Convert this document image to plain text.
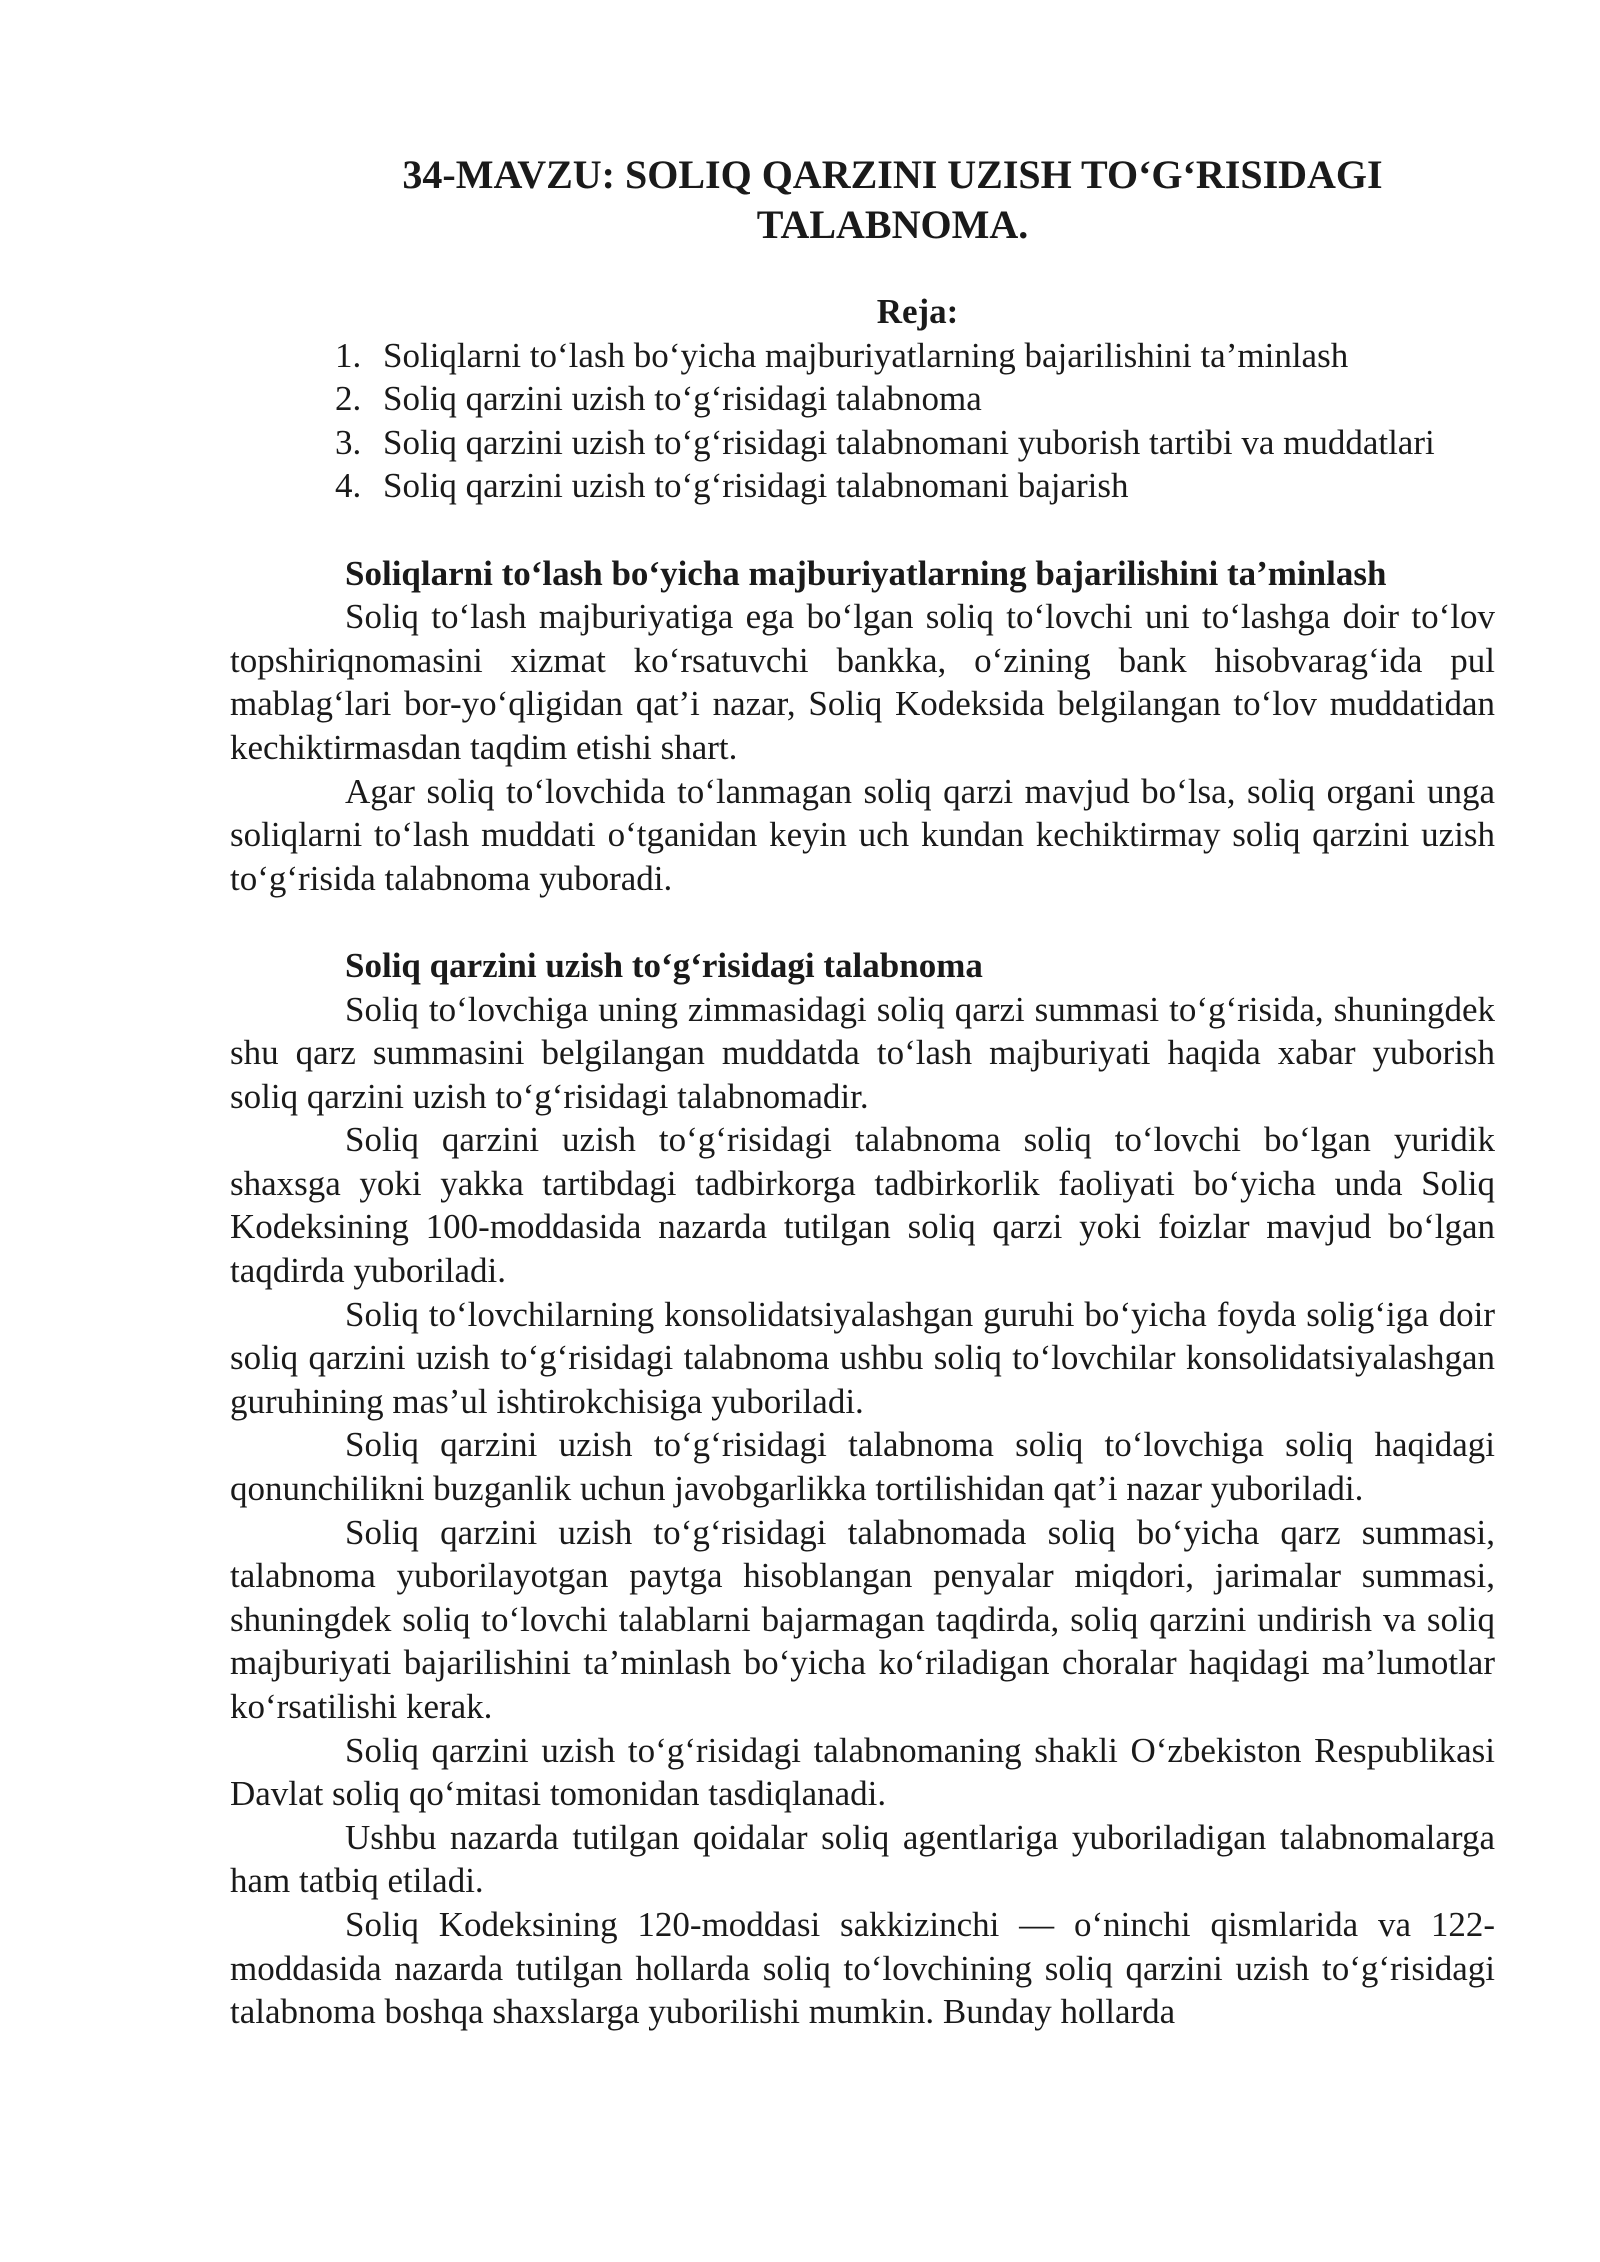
34-MAVZU: SOLIQ QARZINI UZISH TO‘G‘RISIDAGI TALABNOMA.

Reja:

1. Soliqlarni to‘lash bo‘yicha majburiyatlarning bajarilishini ta’minlash
2. Soliq qarzini uzish to‘g‘risidagi talabnoma
3. Soliq qarzini uzish to‘g‘risidagi talabnomani yuborish tartibi va muddatlari
4. Soliq qarzini uzish to‘g‘risidagi talabnomani bajarish

Soliqlarni to‘lash bo‘yicha majburiyatlarning bajarilishini ta’minlash

Soliq to‘lash majburiyatiga ega bo‘lgan soliq to‘lovchi uni to‘lashga doir to‘lov topshiriqnomasini xizmat ko‘rsatuvchi bankka, o‘zining bank hisobvarag‘ida pul mablag‘lari bor-yo‘qligidan qat’i nazar, Soliq Kodeksida belgilangan to‘lov muddatidan kechiktirmasdan taqdim etishi shart.

Agar soliq to‘lovchida to‘lanmagan soliq qarzi mavjud bo‘lsa, soliq organi unga soliqlarni to‘lash muddati o‘tganidan keyin uch kundan kechiktirmay soliq qarzini uzish to‘g‘risida talabnoma yuboradi.

Soliq qarzini uzish to‘g‘risidagi talabnoma

Soliq to‘lovchiga uning zimmasidagi soliq qarzi summasi to‘g‘risida, shuningdek shu qarz summasini belgilangan muddatda to‘lash majburiyati haqida xabar yuborish soliq qarzini uzish to‘g‘risidagi talabnomadir.

Soliq qarzini uzish to‘g‘risidagi talabnoma soliq to‘lovchi bo‘lgan yuridik shaxsga yoki yakka tartibdagi tadbirkorga tadbirkorlik faoliyati bo‘yicha unda Soliq Kodeksining 100-moddasida nazarda tutilgan soliq qarzi yoki foizlar mavjud bo‘lgan taqdirda yuboriladi.

Soliq to‘lovchilarning konsolidatsiyalashgan guruhi bo‘yicha foyda solig‘iga doir soliq qarzini uzish to‘g‘risidagi talabnoma ushbu soliq to‘lovchilar konsolidatsiyalashgan guruhining mas’ul ishtirokchisiga yuboriladi.

Soliq qarzini uzish to‘g‘risidagi talabnoma soliq to‘lovchiga soliq haqidagi qonunchilikni buzganlik uchun javobgarlikka tortilishidan qat’i nazar yuboriladi.

Soliq qarzini uzish to‘g‘risidagi talabnomada soliq bo‘yicha qarz summasi, talabnoma yuborilayotgan paytga hisoblangan penyalar miqdori, jarimalar summasi, shuningdek soliq to‘lovchi talablarni bajarmagan taqdirda, soliq qarzini undirish va soliq majburiyati bajarilishini ta’minlash bo‘yicha ko‘riladigan choralar haqidagi ma’lumotlar ko‘rsatilishi kerak.

Soliq qarzini uzish to‘g‘risidagi talabnomaning shakli O‘zbekiston Respublikasi Davlat soliq qo‘mitasi tomonidan tasdiqlanadi.

Ushbu nazarda tutilgan qoidalar soliq agentlariga yuboriladigan talabnomalarga ham tatbiq etiladi.

Soliq Kodeksining 120-moddasi sakkizinchi — o‘ninchi qismlarida va 122-moddasida nazarda tutilgan hollarda soliq to‘lovchining soliq qarzini uzish to‘g‘risidagi talabnoma boshqa shaxslarga yuborilishi mumkin. Bunday hollarda
